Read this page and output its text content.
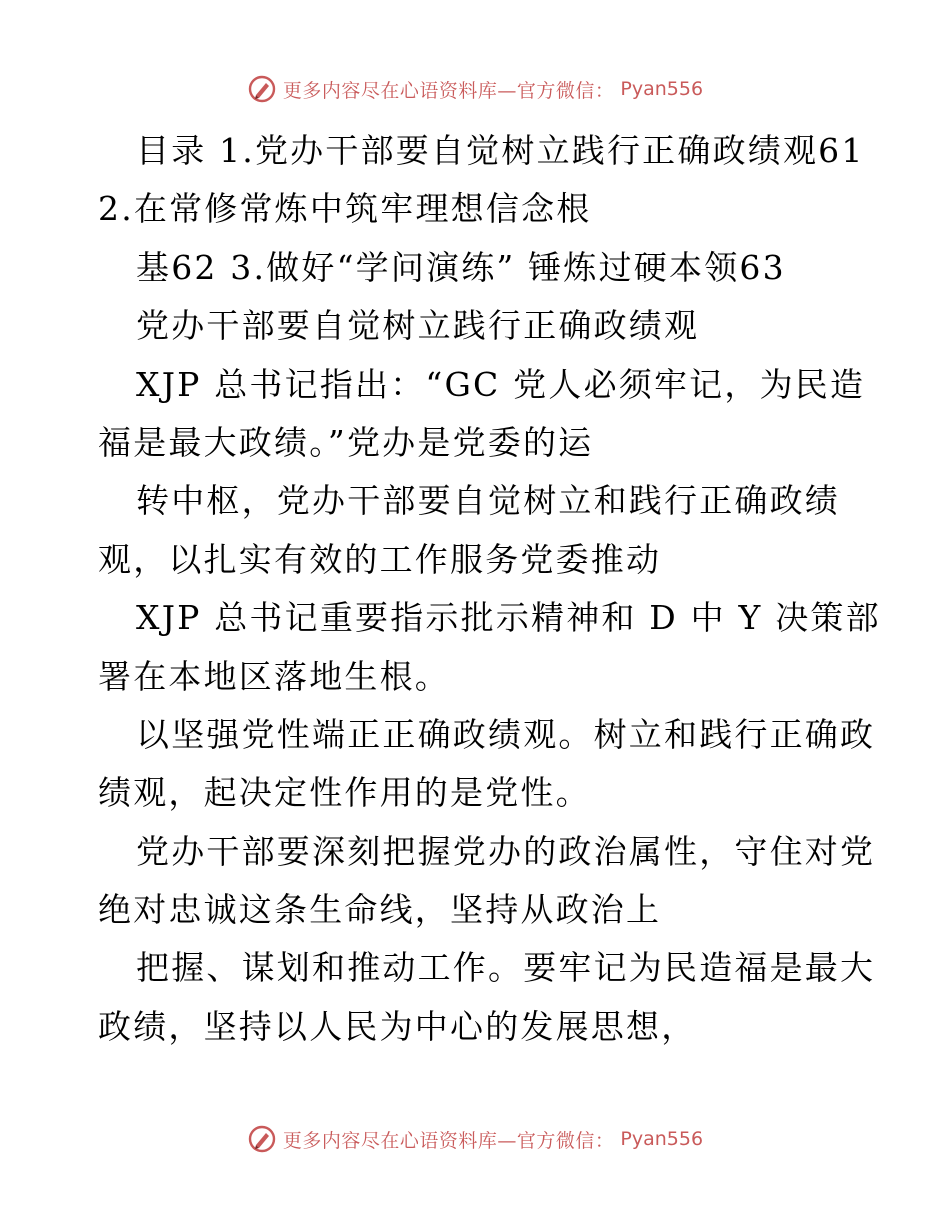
更多内容尽在心语资料库—官方微信： Pyan556
目录 1.党办干部要自觉树立践行正确政绩观61
2.在常修常炼中筑牢理想信念根
基62 3.做好“学问演练” 锤炼过硬本领63
党办干部要自觉树立践行正确政绩观
XJP 总书记指出：“GC 党人必须牢记，为民造
福是最大政绩。”党办是党委的运
转中枢，党办干部要自觉树立和践行正确政绩
观，以扎实有效的工作服务党委推动
XJP 总书记重要指示批示精神和 D 中 Y 决策部
署在本地区落地生根。
以坚强党性端正正确政绩观。树立和践行正确政
绩观，起决定性作用的是党性。
党办干部要深刻把握党办的政治属性，守住对党
绝对忠诚这条生命线，坚持从政治上
把握、谋划和推动工作。要牢记为民造福是最大
政绩，坚持以人民为中心的发展思想，
更多内容尽在心语资料库—官方微信： Pyan556
